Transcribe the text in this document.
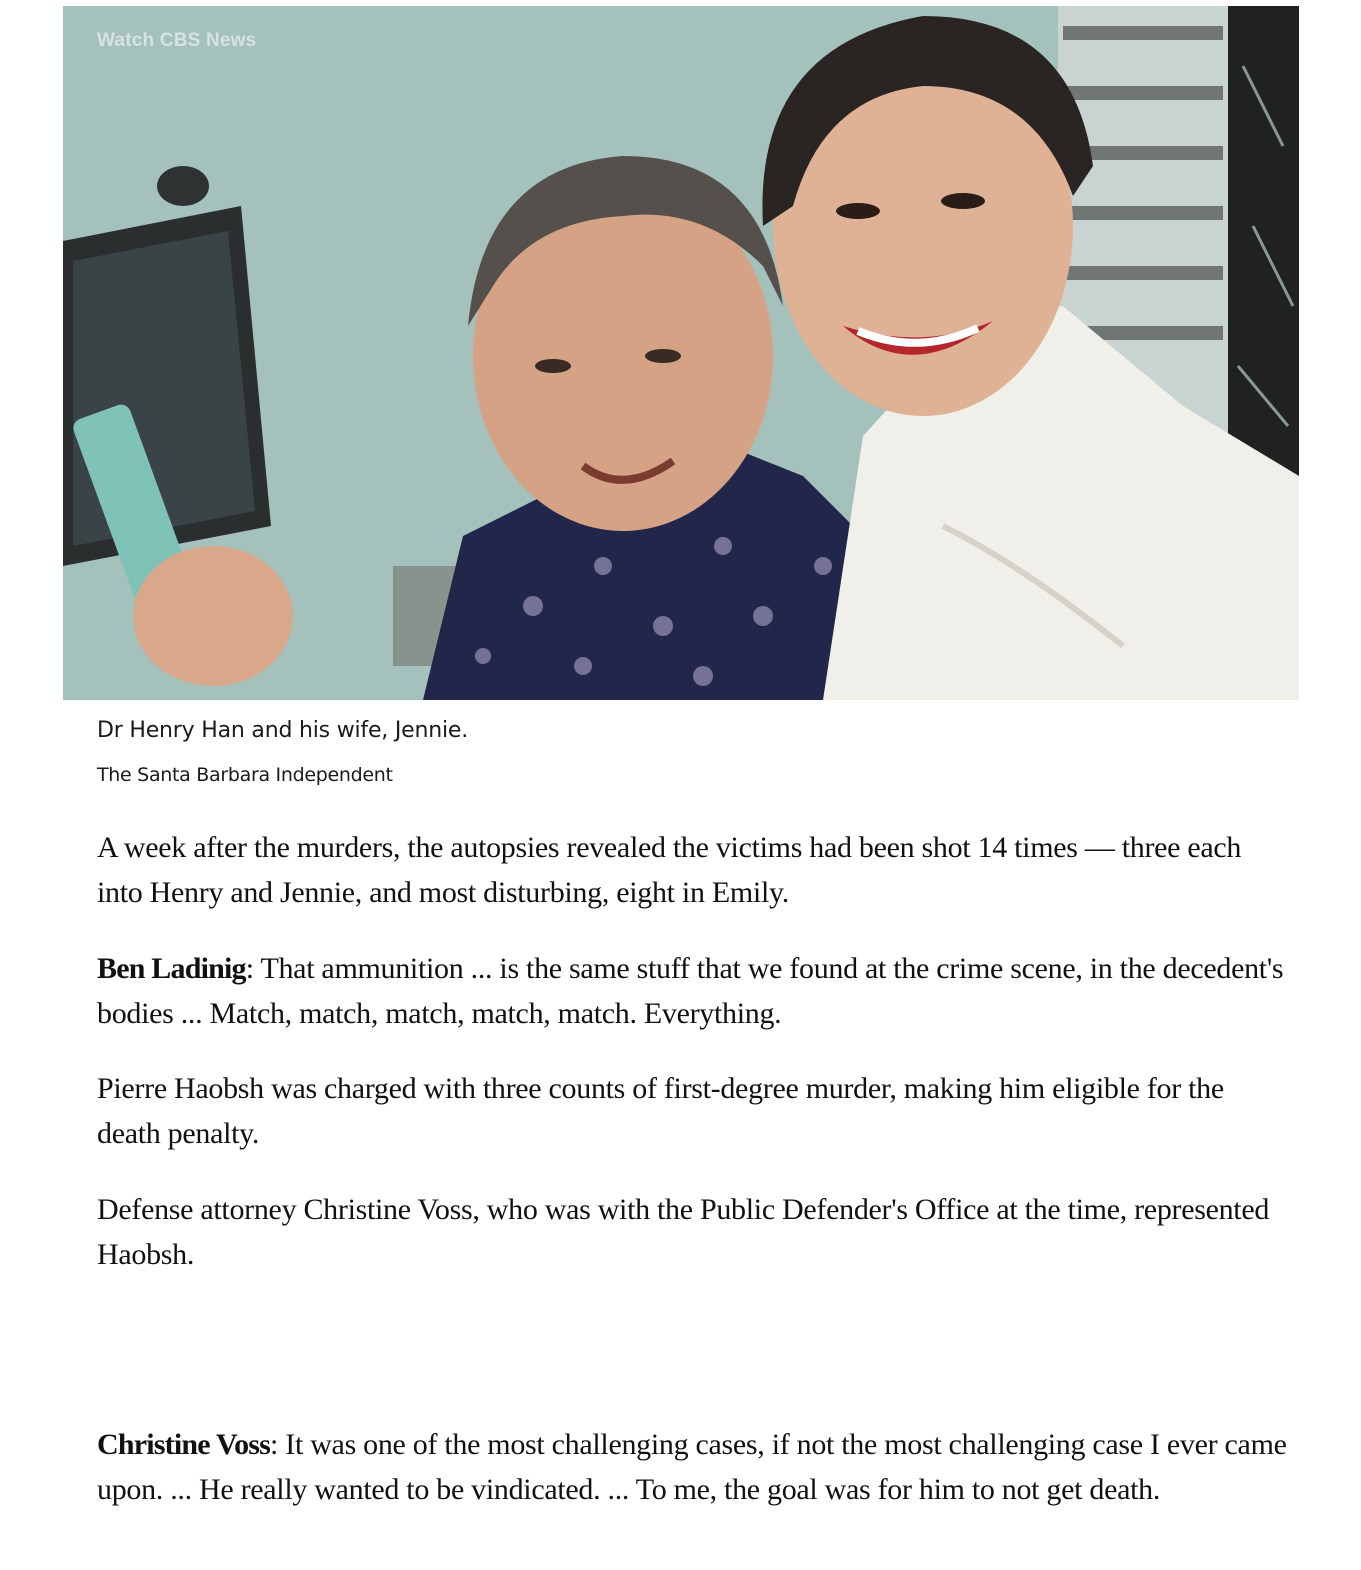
Watch CBS News
Dr Henry Han and his wife, Jennie.
The Santa Barbara Independent

A week after the murders, the autopsies revealed the victims had been shot 14 times — three each into Henry and Jennie, and most disturbing, eight in Emily.

Ben Ladinig: That ammunition ... is the same stuff that we found at the crime scene, in the decedent's bodies ... Match, match, match, match, match. Everything.

Pierre Haobsh was charged with three counts of first-degree murder, making him eligible for the death penalty.

Defense attorney Christine Voss, who was with the Public Defender's Office at the time, represented Haobsh.

Christine Voss: It was one of the most challenging cases, if not the most challenging case I ever came upon. ... He really wanted to be vindicated. ... To me, the goal was for him to not get death.
